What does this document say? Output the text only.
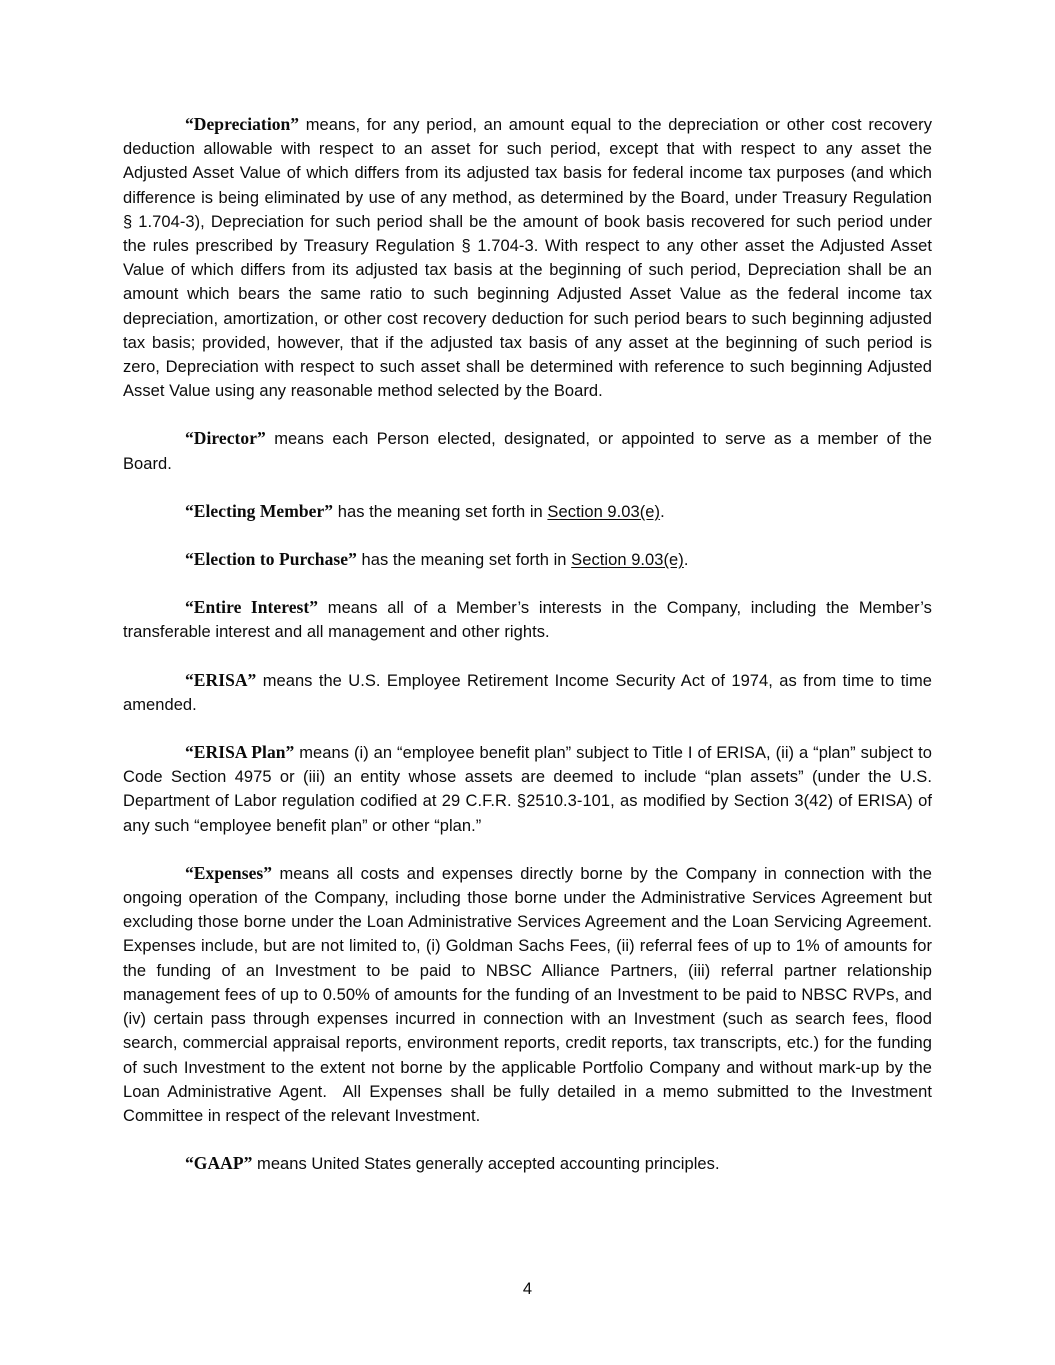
“Depreciation” means, for any period, an amount equal to the depreciation or other cost recovery deduction allowable with respect to an asset for such period, except that with respect to any asset the Adjusted Asset Value of which differs from its adjusted tax basis for federal income tax purposes (and which difference is being eliminated by use of any method, as determined by the Board, under Treasury Regulation § 1.704-3), Depreciation for such period shall be the amount of book basis recovered for such period under the rules prescribed by Treasury Regulation § 1.704-3. With respect to any other asset the Adjusted Asset Value of which differs from its adjusted tax basis at the beginning of such period, Depreciation shall be an amount which bears the same ratio to such beginning Adjusted Asset Value as the federal income tax depreciation, amortization, or other cost recovery deduction for such period bears to such beginning adjusted tax basis; provided, however, that if the adjusted tax basis of any asset at the beginning of such period is zero, Depreciation with respect to such asset shall be determined with reference to such beginning Adjusted Asset Value using any reasonable method selected by the Board.

“Director” means each Person elected, designated, or appointed to serve as a member of the Board.

“Electing Member” has the meaning set forth in Section 9.03(e).

“Election to Purchase” has the meaning set forth in Section 9.03(e).

“Entire Interest” means all of a Member’s interests in the Company, including the Member’s transferable interest and all management and other rights.

“ERISA” means the U.S. Employee Retirement Income Security Act of 1974, as from time to time amended.

“ERISA Plan” means (i) an “employee benefit plan” subject to Title I of ERISA, (ii) a “plan” subject to Code Section 4975 or (iii) an entity whose assets are deemed to include “plan assets” (under the U.S. Department of Labor regulation codified at 29 C.F.R. §2510.3-101, as modified by Section 3(42) of ERISA) of any such “employee benefit plan” or other “plan.”

“Expenses” means all costs and expenses directly borne by the Company in connection with the ongoing operation of the Company, including those borne under the Administrative Services Agreement but excluding those borne under the Loan Administrative Services Agreement and the Loan Servicing Agreement. Expenses include, but are not limited to, (i) Goldman Sachs Fees, (ii) referral fees of up to 1% of amounts for the funding of an Investment to be paid to NBSC Alliance Partners, (iii) referral partner relationship management fees of up to 0.50% of amounts for the funding of an Investment to be paid to NBSC RVPs, and (iv) certain pass through expenses incurred in connection with an Investment (such as search fees, flood search, commercial appraisal reports, environment reports, credit reports, tax transcripts, etc.) for the funding of such Investment to the extent not borne by the applicable Portfolio Company and without mark-up by the Loan Administrative Agent.  All Expenses shall be fully detailed in a memo submitted to the Investment Committee in respect of the relevant Investment.

“GAAP” means United States generally accepted accounting principles.

4
